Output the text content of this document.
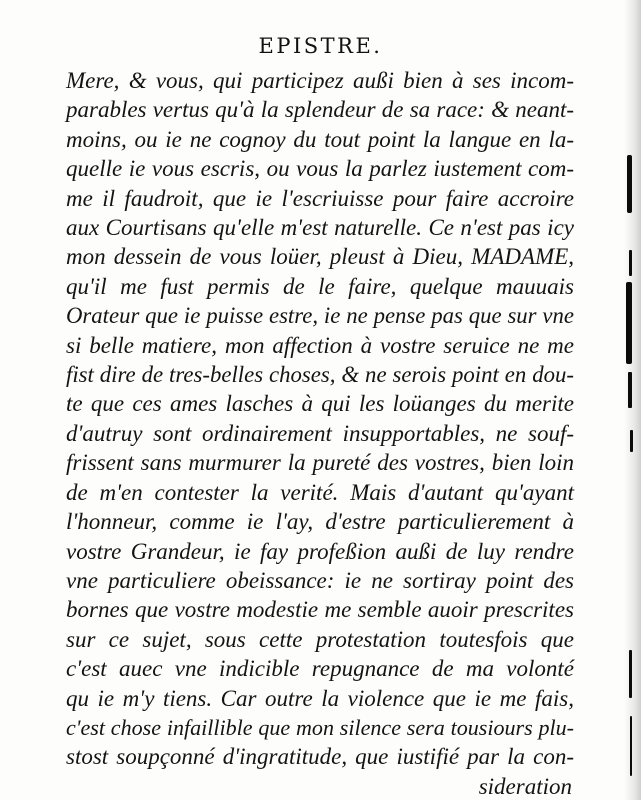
EPISTRE.
Mere, & vous, qui participez außi bien à ses incom-
parables vertus qu'à la splendeur de sa race: & neant-
moins, ou ie ne cognoy du tout point la langue en la-
quelle ie vous escris, ou vous la parlez iustement com-
me il faudroit, que ie l'escriuisse pour faire accroire
aux Courtisans qu'elle m'est naturelle. Ce n'est pas icy
mon dessein de vous loüer, pleust à Dieu, MADAME,
qu'il me fust permis de le faire, quelque mauuais
Orateur que ie puisse estre, ie ne pense pas que sur vne
si belle matiere, mon affection à vostre seruice ne me
fist dire de tres-belles choses, & ne serois point en dou-
te que ces ames lasches à qui les loüanges du merite
d'autruy sont ordinairement insupportables, ne souf-
frissent sans murmurer la pureté des vostres, bien loin
de m'en contester la verité. Mais d'autant qu'ayant
l'honneur, comme ie l'ay, d'estre particulierement à
vostre Grandeur, ie fay profeßion außi de luy rendre
vne particuliere obeissance: ie ne sortiray point des
bornes que vostre modestie me semble auoir prescrites
sur ce sujet, sous cette protestation toutesfois que
c'est auec vne indicible repugnance de ma volonté
qu ie m'y tiens. Car outre la violence que ie me fais,
c'est chose infaillible que mon silence sera tousiours plu-
stost soupçonné d'ingratitude, que iustifié par la con-
sideration
